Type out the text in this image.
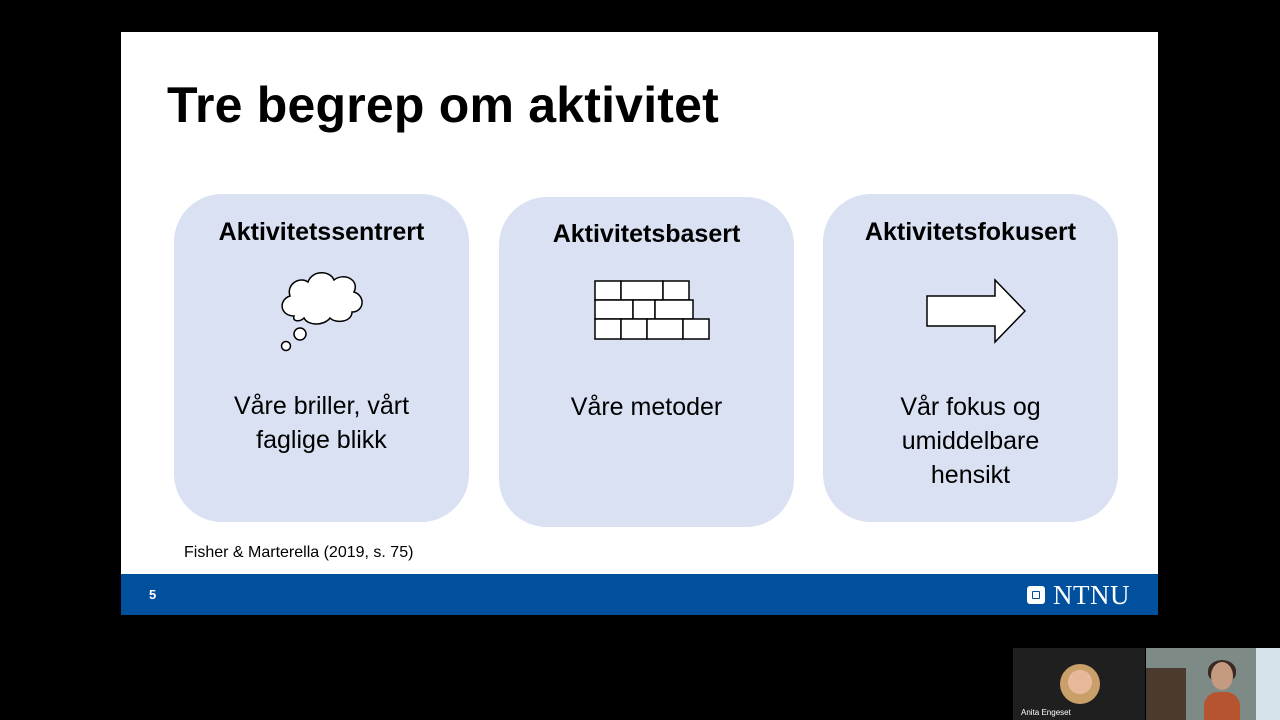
Tre begrep om aktivitet
Aktivitetssentrert
Våre briller, vårt
faglige blikk
Aktivitetsbasert
Våre metoder
Aktivitetsfokusert
Vår fokus og
umiddelbare
hensikt
Fisher & Marterella (2019, s. 75)
5	NTNU
Anita Engeset
